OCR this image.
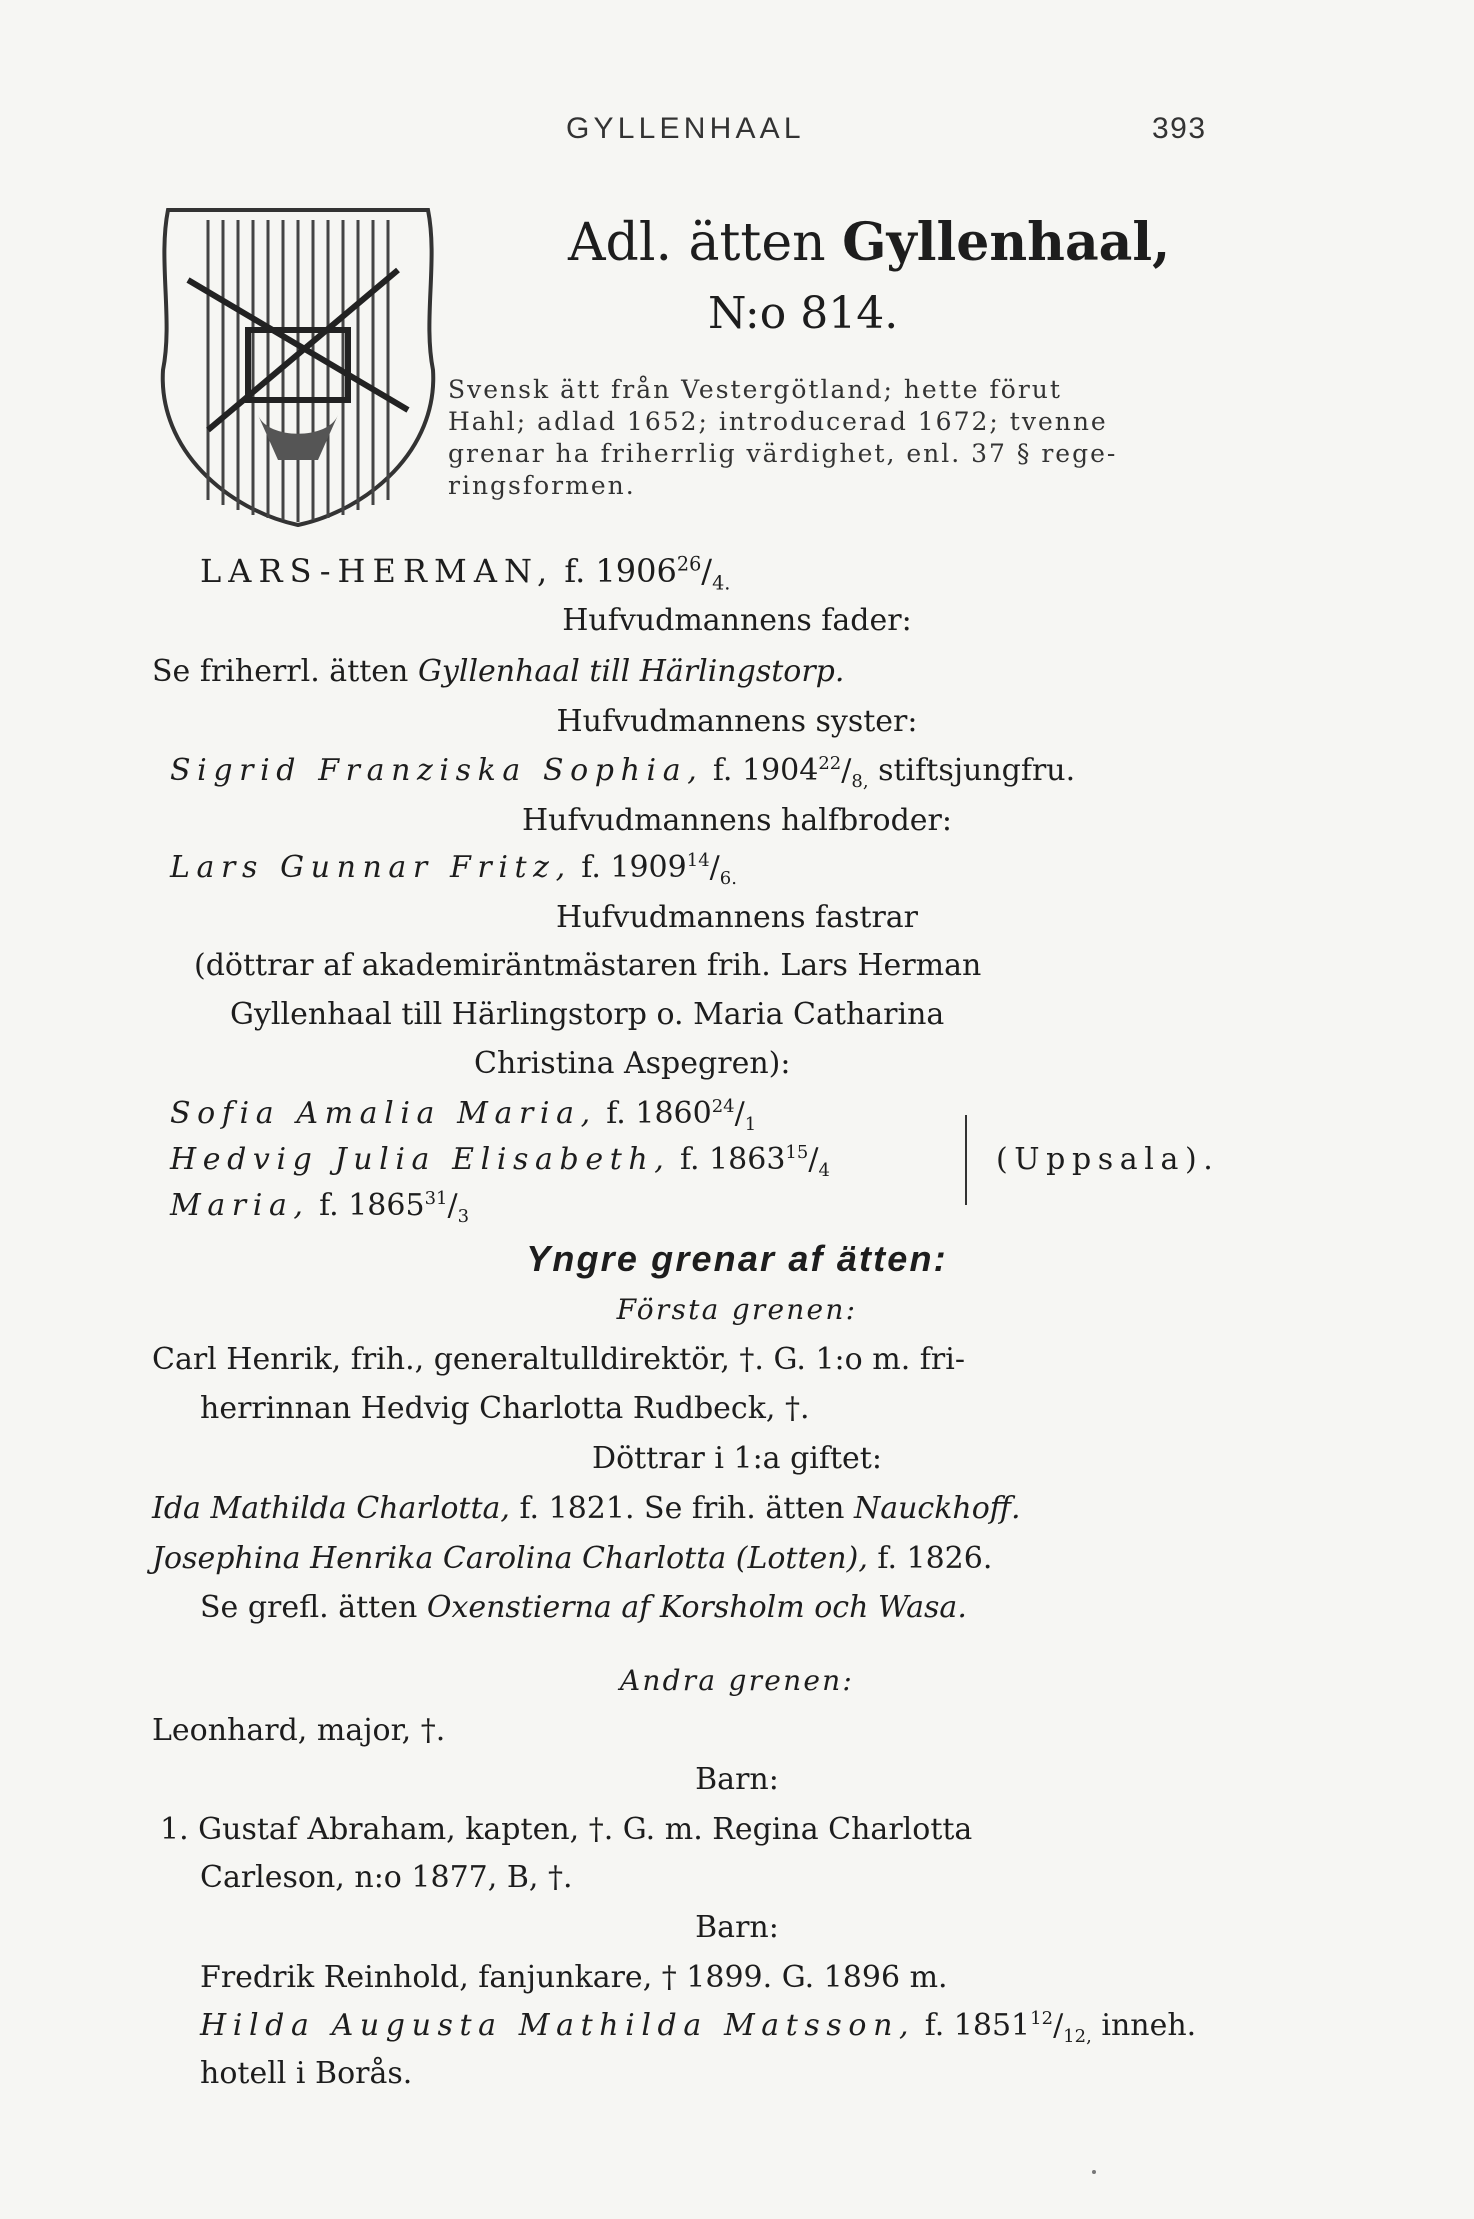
GYLLENHAAL	393
Adl. ätten Gyllenhaal,
N:o 814.
Svensk ätt från Vestergötland; hette förut
Hahl; adlad 1652; introducerad 1672; tvenne
grenar ha friherrlig värdighet, enl. 37 § rege-
ringsformen.
LARS-HERMAN, f. $1906^{26}/_{4.}$
Hufvudmannens fader:
Se friherrl. ätten Gyllenhaal till Härlingstorp.
Hufvudmannens syster:
Sigrid Franziska Sophia, f. $1904^{22}/_{8,}$ stiftsjungfru.
Hufvudmannens halfbroder:
Lars Gunnar Fritz, f. $1909^{14}/_{6.}$
Hufvudmannens fastrar
(döttrar af akademiräntmästaren frih. Lars Herman
Gyllenhaal till Härlingstorp o. Maria Catharina
Christina Aspegren):
Sofia Amalia Maria, f. $1860^{24}/_1$
Hedvig Julia Elisabeth, f. $1863^{15}/_4$
Maria, f. $1865^{31}/_3$
(Uppsala).
Yngre grenar af ätten:
Första grenen:
Carl Henrik, frih., generaltulldirektör, †. G. 1:o m. fri-
herrinnan Hedvig Charlotta Rudbeck, †.
Döttrar i 1:a giftet:
Ida Mathilda Charlotta, f. 1821. Se frih. ätten Nauckhoff.
Josephina Henrika Carolina Charlotta (Lotten), f. 1826.
Se grefl. ätten Oxenstierna af Korsholm och Wasa.
Andra grenen:
Leonhard, major, †.
Barn:
1. Gustaf Abraham, kapten, †. G. m. Regina Charlotta
Carleson, n:o 1877, B, †.
Barn:
Fredrik Reinhold, fanjunkare, † 1899. G. 1896 m.
Hilda Augusta Mathilda Matsson, f. $1851^{12}/_{12,}$ inneh.
hotell i Borås.
